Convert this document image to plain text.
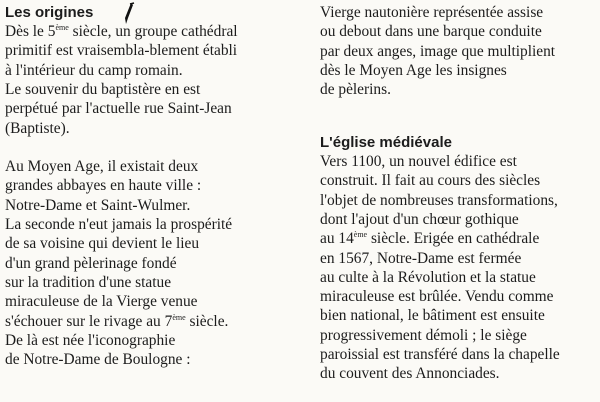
Les origines
Dès le 5ème siècle, un groupe cathédral
primitif est vraisembla-blement établi
à l'intérieur du camp romain.
Le souvenir du baptistère en est
perpétué par l'actuelle rue Saint-Jean
(Baptiste).
Au Moyen Age, il existait deux
grandes abbayes en haute ville :
Notre-Dame et Saint-Wulmer.
La seconde n'eut jamais la prospérité
de sa voisine qui devient le lieu
d'un grand pèlerinage fondé
sur la tradition d'une statue
miraculeuse de la Vierge venue
s'échouer sur le rivage au 7ème siècle.
De là est née l'iconographie
de Notre-Dame de Boulogne :
Vierge nautonière représentée assise
ou debout dans une barque conduite
par deux anges, image que multiplient
dès le Moyen Age les insignes
de pèlerins.
L'église médiévale
Vers 1100, un nouvel édifice est
construit. Il fait au cours des siècles
l'objet de nombreuses transformations,
dont l'ajout d'un chœur gothique
au 14ème siècle. Erigée en cathédrale
en 1567, Notre-Dame est fermée
au culte à la Révolution et la statue
miraculeuse est brûlée. Vendu comme
bien national, le bâtiment est ensuite
progressivement démoli ; le siège
paroissial est transféré dans la chapelle
du couvent des Annonciades.
